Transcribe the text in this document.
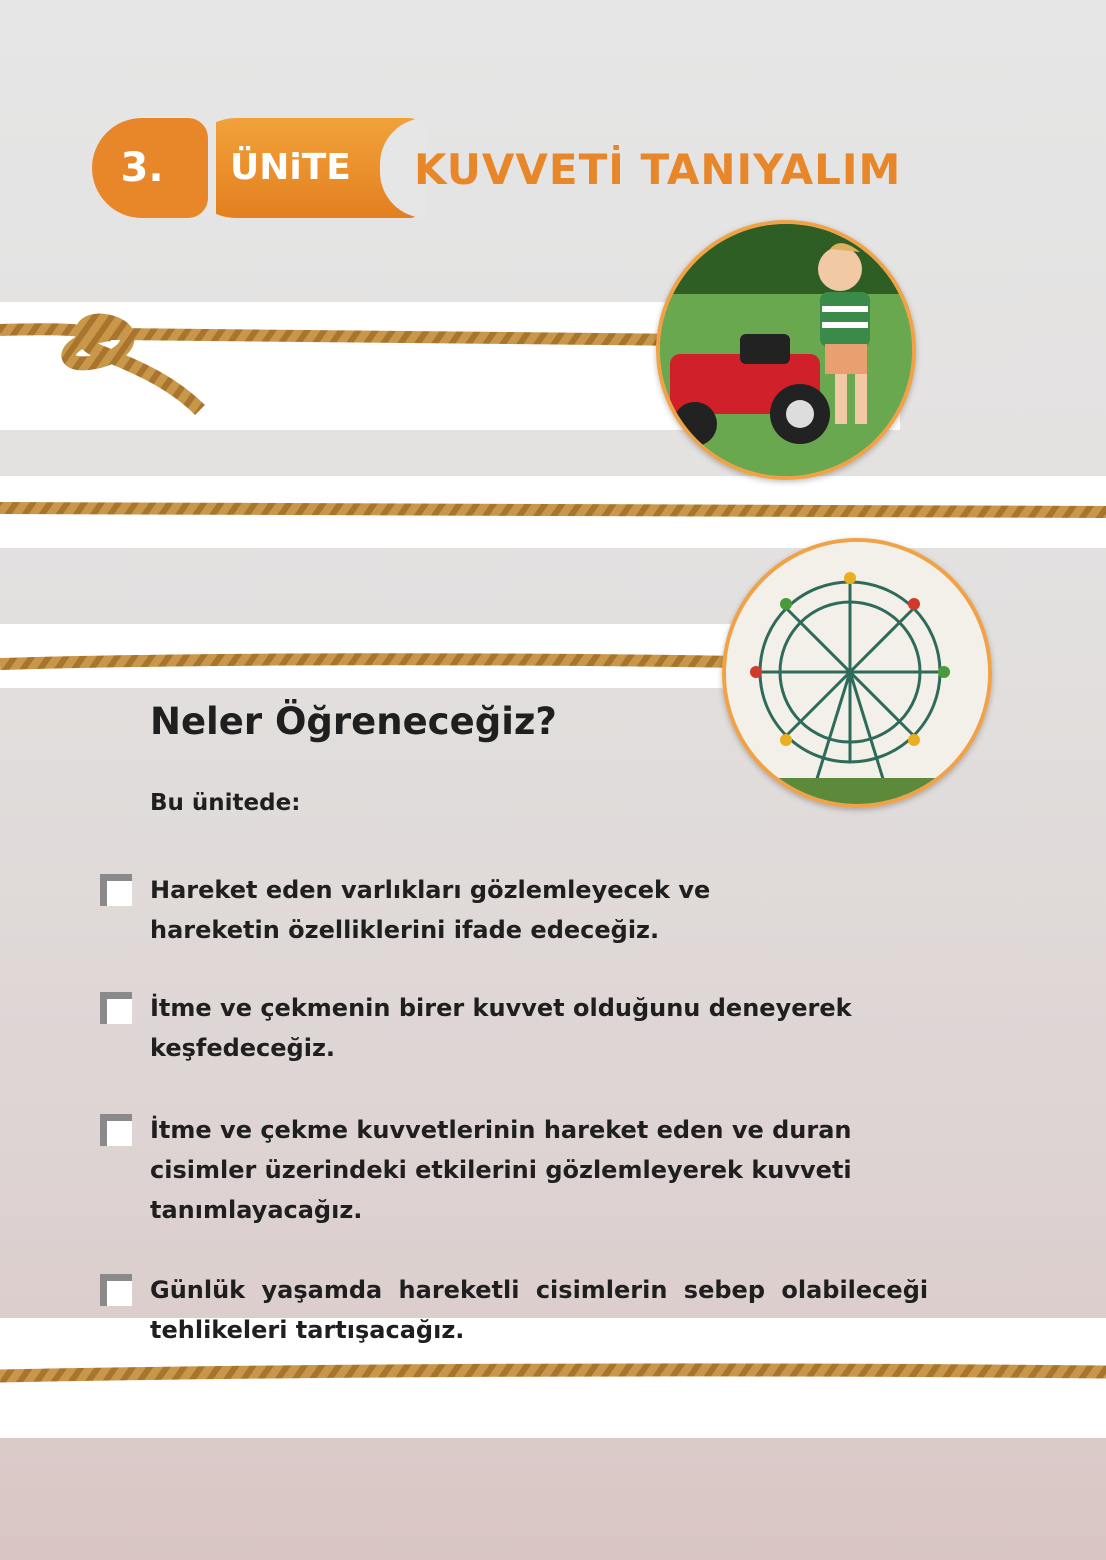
ÜNiTE
3.	KUVVETİ TANIYALIM
Neler Öğreneceğiz?
Bu ünitede:
Hareket eden varlıkları gözlemleyecek ve
hareketin özelliklerini ifade edeceğiz.
İtme ve çekmenin birer kuvvet olduğunu deneyerek
keşfedeceğiz.
İtme ve çekme kuvvetlerinin hareket eden ve duran
cisimler üzerindeki etkilerini gözlemleyerek kuvveti
tanımlayacağız.
Günlük yaşamda hareketli cisimlerin sebep olabileceği
tehlikeleri tartışacağız.
